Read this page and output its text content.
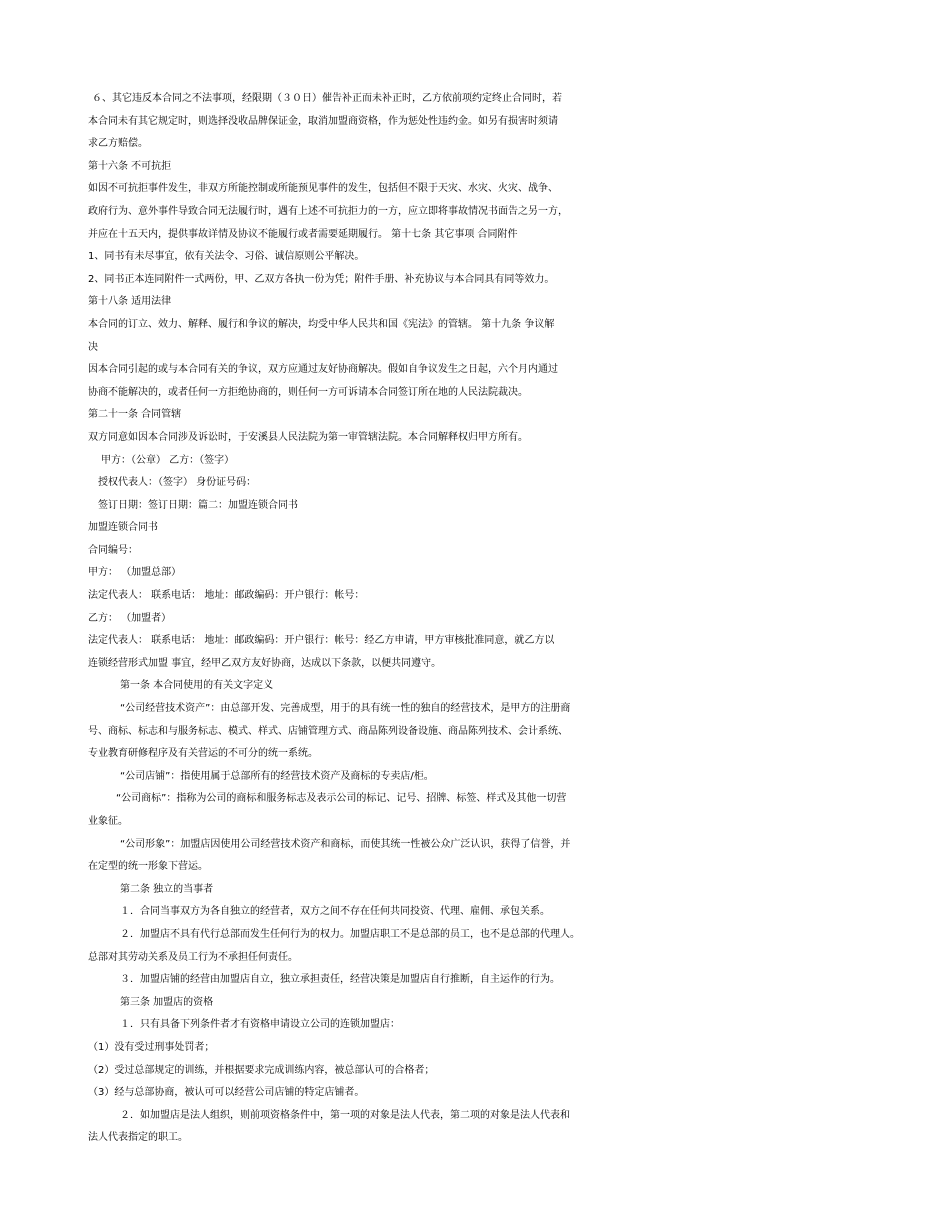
６、其它违反本合同之不法事项，经限期（３０日）催告补正而未补正时，乙方依前项约定终止合同时，若
本合同未有其它规定时，则选择没收品牌保证金，取消加盟商资格，作为惩处性违约金。如另有损害时须请
求乙方赔偿。
第十六条 不可抗拒
如因不可抗拒事件发生，非双方所能控制或所能预见事件的发生，包括但不限于天灾、水灾、火灾、战争、
政府行为、意外事件导致合同无法履行时，遇有上述不可抗拒力的一方，应立即将事故情况书面告之另一方，
并应在十五天内，提供事故详情及协议不能履行或者需要延期履行。 第十七条 其它事项 合同附件
1、同书有未尽事宜，依有关法令、习俗、诚信原则公平解决。
2、同书正本连同附件一式两份，甲、乙双方各执一份为凭；附件手册、补充协议与本合同具有同等效力。
第十八条 适用法律
本合同的订立、效力、解释、履行和争议的解决，均受中华人民共和国《宪法》的管辖。 第十九条 争议解
决
因本合同引起的或与本合同有关的争议，双方应通过友好协商解决。假如自争议发生之日起，六个月内通过
协商不能解决的，或者任何一方拒绝协商的，则任何一方可诉请本合同签订所在地的人民法院裁决。
第二十一条 合同管辖
双方同意如因本合同涉及诉讼时，于安溪县人民法院为第一审管辖法院。本合同解释权归甲方所有。
甲方：（公章） 乙方：（签字）
授权代表人：（签字） 身份证号码：
签订日期：签订日期：篇二：加盟连锁合同书
加盟连锁合同书
合同编号：
甲方： （加盟总部）
法定代表人： 联系电话： 地址：邮政编码：开户银行：帐号：
乙方： （加盟者）
法定代表人： 联系电话： 地址：邮政编码：开户银行：帐号：经乙方申请，甲方审核批准同意，就乙方以
连锁经营形式加盟 事宜，经甲乙双方友好协商，达成以下条款，以便共同遵守。
第一条 本合同使用的有关文字定义
“公司经营技术资产”：由总部开发、完善成型，用于的具有统一性的独自的经营技术，是甲方的注册商
号、商标、标志和与服务标志、模式、样式、店铺管理方式、商品陈列设备设施、商品陈列技术、会计系统、
专业教育研修程序及有关营运的不可分的统一系统。
“公司店铺”：指使用属于总部所有的经营技术资产及商标的专卖店/柜。
“公司商标”：指称为公司的商标和服务标志及表示公司的标记、记号、招牌、标签、样式及其他一切营
业象征。
“公司形象”：加盟店因使用公司经营技术资产和商标，而使其统一性被公众广泛认识，获得了信誉，并
在定型的统一形象下营运。
第二条 独立的当事者
１．合同当事双方为各自独立的经营者，双方之间不存在任何共同投资、代理、雇佣、承包关系。
２．加盟店不具有代行总部而发生任何行为的权力。加盟店职工不是总部的员工，也不是总部的代理人。
总部对其劳动关系及员工行为不承担任何责任。
３．加盟店铺的经营由加盟店自立，独立承担责任，经营决策是加盟店自行推断，自主运作的行为。
第三条 加盟店的资格
１．只有具备下列条件者才有资格申请设立公司的连锁加盟店：
（1）没有受过刑事处罚者；
（2）受过总部规定的训练，并根据要求完成训练内容，被总部认可的合格者；
（3）经与总部协商，被认可可以经营公司店铺的特定店铺者。
２．如加盟店是法人组织，则前项资格条件中，第一项的对象是法人代表，第二项的对象是法人代表和
法人代表指定的职工。
